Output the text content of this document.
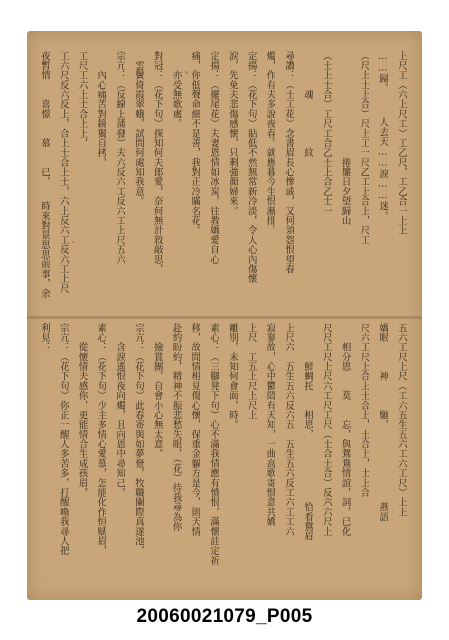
上尺工（六上尺工）工乙尺，工乙合一上上
……歸。　　　人去天……淚……迷。
（尺上士上合）尺上工一尺乙工上合上，尺工
　　　　　　　　　　　捲簾日夕望歸山
（士上士合）工尺工合乙士上合乙士一
　　　　魂　　　　　紋
尋讚：（士工花）念書眉長心慘戚，又何須怨恨望春
燭，作有夫多說夜春。就應暮今生恨漸排。
定揚：（花下句）貼低不然無常新冷淡，令人心內傷懷
涙，先免夫悲傷感懷，只剩強顏婦來。
定揚：（擺尾花）夫妻恩情如冰炭，往教嬌愛自心
痛，你低聲命細不是善，我對正冷瞞名花。
　　亦受無歌處。
對冠：（花下句）探知何夫郎愛，奈何無計敘敲思，
　雲鬢倚霞翠蛾，試問何處知我意。
宗亢：（反線上蒲發）夫六反六工反六工上尺五六
　　內心痛苦對鏡獨自拷，
工尺工六上士合上上，
工六尺反六反上，合上士合上士，六上反六工反六工上尺
夜暫情　　喜憬　　慕　　已，　　時來對景思思前事，余
五六工尺上尺（工六五生五六工六工尺）上上
嬌眠　　　神　　　馳，　　　　　　　　燕語
尺六工尺上合上士合上，士合上，士上合
　　相分恩　　莫　　忘，與鴛鴦情誼，詞，已化
尺尺工尺上尺六工尺工尺（士合士合）反六六尺上
　　　　鮮蜩托　　相思，　　　　　　　恰看鴛眉
上尺六　五生五六反六五　五生五六反工六工工六
寂寥故，心中鬱悶有天知，一曲高歌寄恨意共嬌
上尺　工五上尺上尺上
離別，未知何會面，時。
素心：（三腳凳下句）心不滿我情應有憤恨，滿懷註定祈
移，故問情相見傷心懷，保重金軀方是今，則天情
赴約盼約，精神不振悲愁失眼，（花）待我尋為你
　　撿賞團，自會小心無太意。
宗亢：（花下句）此春寄與如夢覺，牧職闌際真遂池，
　　含淚遙恨夜向燭，且向恩中尋知己。
素心：（花下句）少主多情心愛慕，怎能化作恒赋眉，
　　從懷情夫感你，更能情合生成孩眉。
宗亢：（花下句）你正一醒人多苦多，打醒喚我尋人把
利見：
20060021079_P005
